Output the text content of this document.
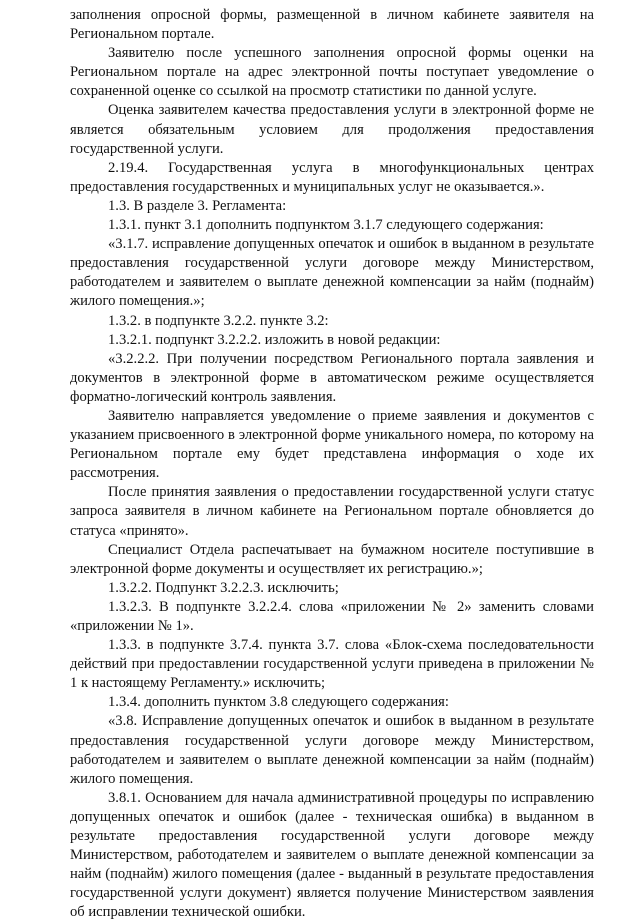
заполнения опросной формы, размещенной в личном кабинете заявителя на Региональном портале.

Заявителю после успешного заполнения опросной формы оценки на Региональном портале на адрес электронной почты поступает уведомление о сохраненной оценке со ссылкой на просмотр статистики по данной услуге.

Оценка заявителем качества предоставления услуги в электронной форме не является обязательным условием для продолжения предоставления государственной услуги.

2.19.4. Государственная услуга в многофункциональных центрах предоставления государственных и муниципальных услуг не оказывается.».

1.3. В разделе 3. Регламента:

1.3.1. пункт 3.1 дополнить подпунктом 3.1.7 следующего содержания:

«3.1.7. исправление допущенных опечаток и ошибок в выданном в результате предоставления государственной услуги договоре между Министерством, работодателем и заявителем о выплате денежной компенсации за найм (поднайм) жилого помещения.»;

1.3.2. в подпункте 3.2.2. пункте 3.2:

1.3.2.1. подпункт 3.2.2.2. изложить в новой редакции:

«3.2.2.2. При получении посредством Регионального портала заявления и документов в электронной форме в автоматическом режиме осуществляется форматно-логический контроль заявления.

Заявителю направляется уведомление о приеме заявления и документов с указанием присвоенного в электронной форме уникального номера, по которому на Региональном портале ему будет представлена информация о ходе их рассмотрения.

После принятия заявления о предоставлении государственной услуги статус запроса заявителя в личном кабинете на Региональном портале обновляется до статуса «принято».

Специалист Отдела распечатывает на бумажном носителе поступившие в электронной форме документы и осуществляет их регистрацию.»;

1.3.2.2. Подпункт 3.2.2.3. исключить;

1.3.2.3. В подпункте 3.2.2.4. слова «приложении № 2» заменить словами «приложении № 1».

1.3.3. в подпункте 3.7.4. пункта 3.7. слова «Блок-схема последовательности действий при предоставлении государственной услуги приведена в приложении № 1 к настоящему Регламенту.» исключить;

1.3.4. дополнить пунктом 3.8 следующего содержания:

«3.8. Исправление допущенных опечаток и ошибок в выданном в результате предоставления государственной услуги договоре между Министерством, работодателем и заявителем о выплате денежной компенсации за найм (поднайм) жилого помещения.

3.8.1. Основанием для начала административной процедуры по исправлению допущенных опечаток и ошибок (далее - техническая ошибка) в выданном в результате предоставления государственной услуги договоре между Министерством, работодателем и заявителем о выплате денежной компенсации за найм (поднайм) жилого помещения (далее - выданный в результате предоставления государственной услуги документ) является получение Министерством заявления об исправлении технической ошибки.
